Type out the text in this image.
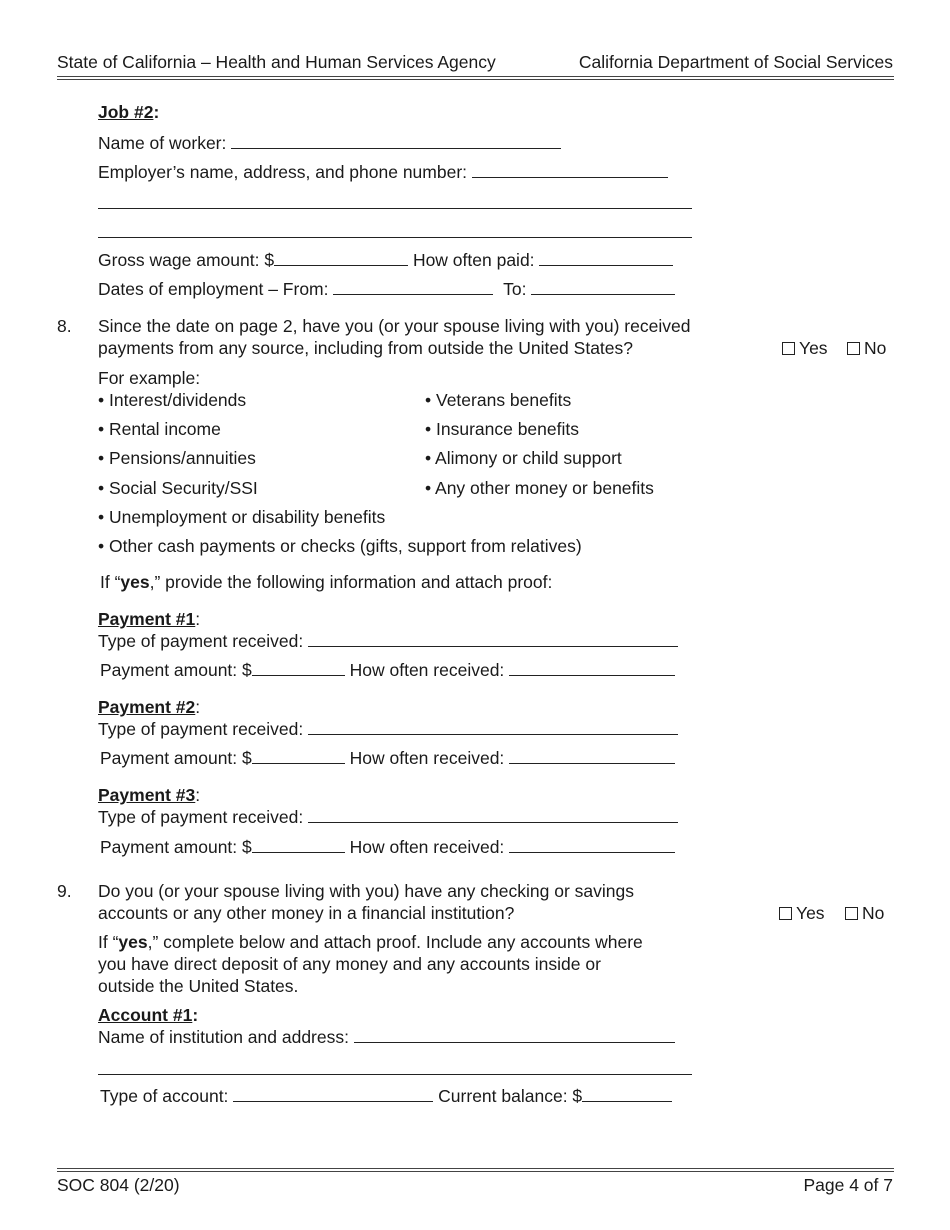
State of California – Health and Human Services Agency	California Department of Social Services
Job #2:
Name of worker:
Employer’s name, address, and phone number:
Gross wage amount: $	How often paid:
Dates of employment – From:	To:
8. Since the date on page 2, have you (or your spouse living with you) received
payments from any source, including from outside the United States?	Yes	No
For example:
• Interest/dividends
• Rental income
• Pensions/annuities
• Social Security/SSI
• Unemployment or disability benefits
• Other cash payments or checks (gifts, support from relatives)
• Veterans benefits
• Insurance benefits
• Alimony or child support
• Any other money or benefits
If “yes,” provide the following information and attach proof:
Payment #1:
Type of payment received:
Payment amount: $	How often received:
Payment #2:
Type of payment received:
Payment amount: $	How often received:
Payment #3:
Type of payment received:
Payment amount: $	How often received:
9. Do you (or your spouse living with you) have any checking or savings
accounts or any other money in a financial institution?	Yes	No
If “yes,” complete below and attach proof. Include any accounts where
you have direct deposit of any money and any accounts inside or
outside the United States.
Account #1:
Name of institution and address:
Type of account:	Current balance: $
SOC 804 (2/20)	Page 4 of 7
